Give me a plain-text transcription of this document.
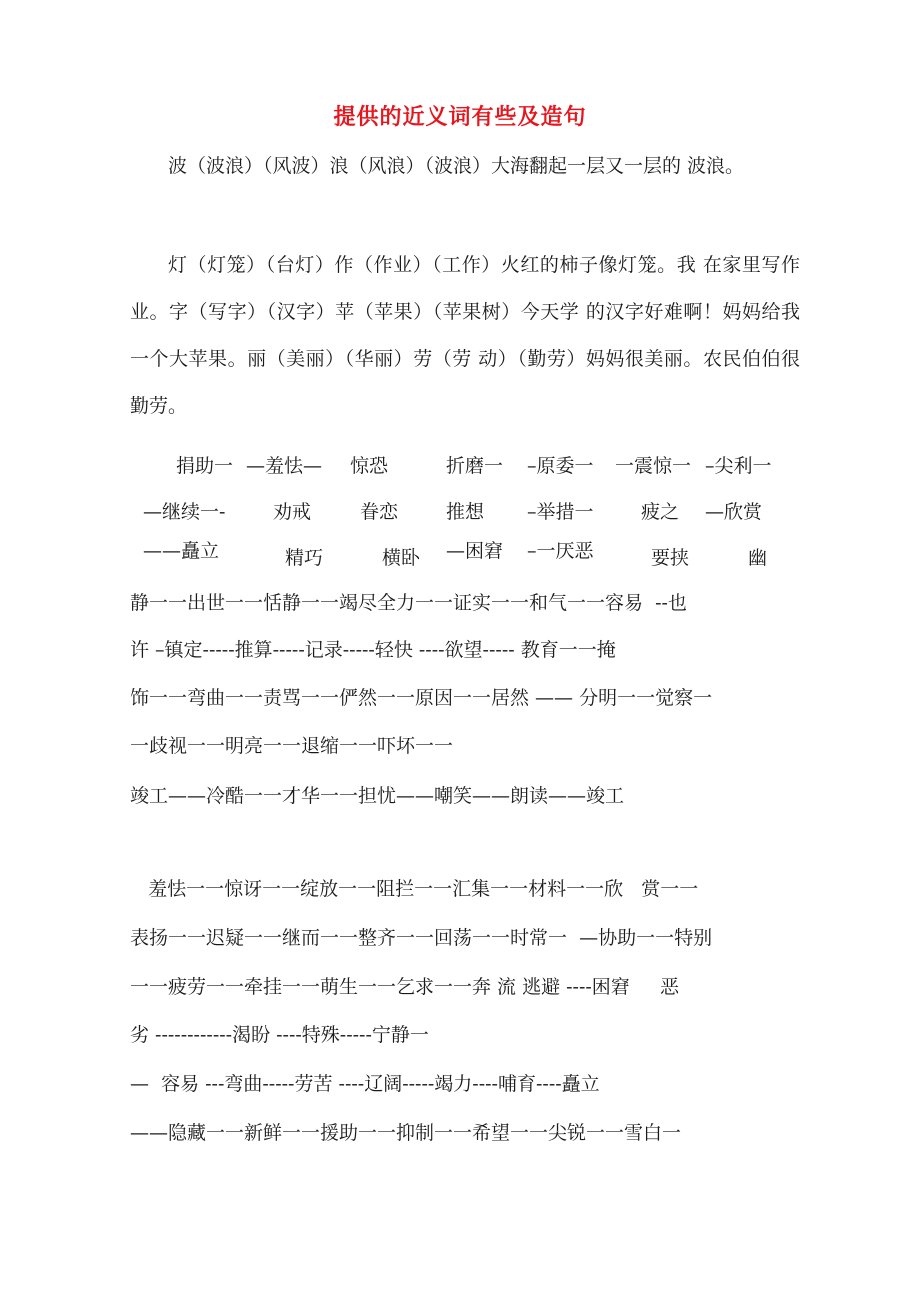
提供的近义词有些及造句
波（波浪）（风波）浪（风浪）（波浪）大海翻起一层又一层的 波浪。
灯（灯笼）（台灯）作（作业）（工作）火红的柿子像灯笼。我 在家里写作业。字（写字）（汉字）苹（苹果）（苹果树）今天学 的汉字好难啊！妈妈给我一个大苹果。丽（美丽）（华丽）劳（劳 动）（勤劳）妈妈很美丽。农民伯伯很勤劳。
捐助一 —羞怯— 惊恐	折磨一 –原委一 一震惊一 –尖利一
—继续一-	劝戒	眷恋	推想 –举措一 疲之 —欣赏
——矗立	精巧	横卧 —困窘 –一厌恶	要挟	幽
静一一出世一一恬静一一竭尽全力一一证实一一和气一一容易  --也
许 –镇定-----推算-----记录-----轻快 ----欲望----- 教育一一掩
饰一一弯曲一一责骂一一俨然一一原因一一居然 —— 分明一一觉察一
一歧视一一明亮一一退缩一一吓坏一一
竣工——冷酷一一才华一一担忧——嘲笑——朗读——竣工
羞怯一一惊讶一一绽放一一阻拦一一汇集一一材料一一欣   赏一一
表扬一一迟疑一一继而一一整齐一一回荡一一时常一  —协助一一特别
一一疲劳一一牵挂一一萌生一一乞求一一奔 流 逃避 ----困窘     恶
劣 ------------渴盼 ----特殊-----宁静一
—  容易 ---弯曲-----劳苦 ----辽阔-----竭力----哺育----矗立
——隐藏一一新鲜一一援助一一抑制一一希望一一尖锐一一雪白一
